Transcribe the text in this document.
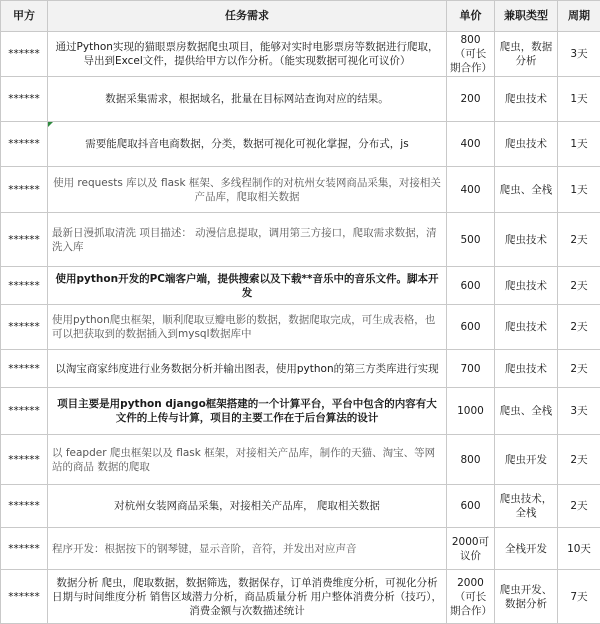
甲方	任务需求	单价	兼职类型	周期
******	通过Python实现的猫眼票房数据爬虫项目，能够对实时电影票房等数据进行爬取，导出到Excel文件，提供给甲方以作分析。（能实现数据可视化可议价）	800（可长期合作）	爬虫，数据分析	3天
******	数据采集需求，根据域名，批量在目标网站查询对应的结果。	200	爬虫技术	1天
******	需要能爬取抖音电商数据，分类，数据可视化可视化掌握，分布式，js	400	爬虫技术	1天
******	使用 requests 库以及 flask 框架、多线程制作的对杭州女装网商品采集，对接相关产品库，爬取相关数据	400	爬虫、全栈	1天
******	最新日漫抓取清洗 项目描述： 动漫信息提取，调用第三方接口，爬取需求数据，清洗入库	500	爬虫技术	2天
******	使用python开发的PC端客户端，提供搜索以及下载**音乐中的音乐文件。脚本开发	600	爬虫技术	2天
******	使用python爬虫框架，顺利爬取豆瓣电影的数据，数据爬取完成，可生成表格，也可以把获取到的数据插入到mysql数据库中	600	爬虫技术	2天
******	以淘宝商家纬度进行业务数据分析并输出图表，使用python的第三方类库进行实现	700	爬虫技术	2天
******	项目主要是用python django框架搭建的一个计算平台，平台中包含的内容有大文件的上传与计算，项目的主要工作在于后台算法的设计	1000	爬虫、全栈	3天
******	以 feapder 爬虫框架以及 flask 框架，对接相关产品库，制作的天猫、淘宝、等网站的商品 数据的爬取	800	爬虫开发	2天
******	对杭州女装网商品采集，对接相关产品库， 爬取相关数据	600	爬虫技术，全栈	2天
******	程序开发：根据按下的钢琴键，显示音阶，音符，并发出对应声音	2000可议价	全栈开发	10天
******	数据分析 爬虫，爬取数据，数据筛选，数据保存，订单消费维度分析，可视化分析日期与时间维度分析 销售区域潜力分析，商品质量分析 用户整体消费分析（技巧），消费金额与次数描述统计	2000（可长期合作）	爬虫开发、数据分析	7天
